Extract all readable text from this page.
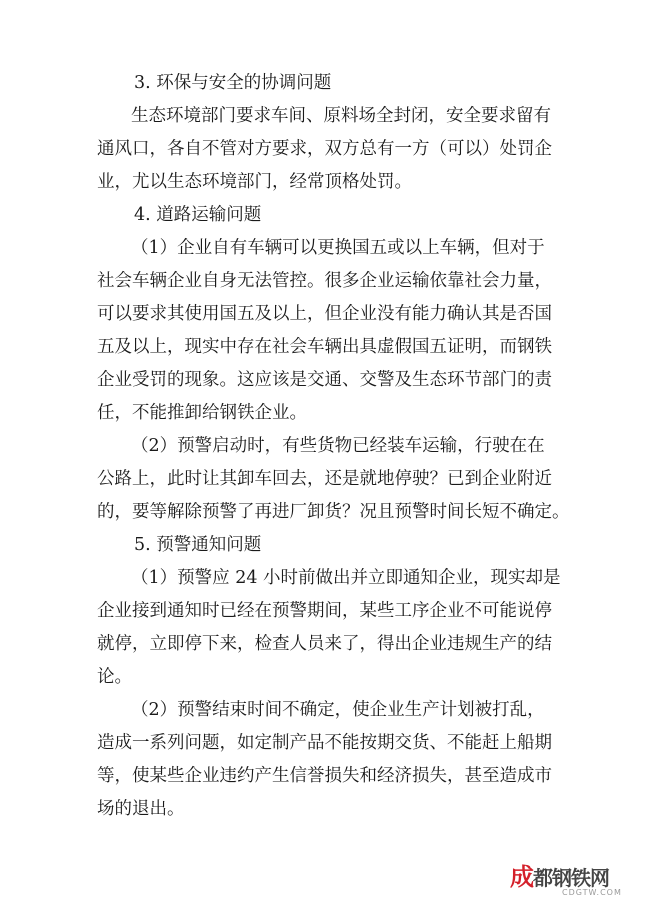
3. 环保与安全的协调问题
生态环境部门要求车间、原料场全封闭，安全要求留有
通风口，各自不管对方要求，双方总有一方（可以）处罚企
业，尤以生态环境部门，经常顶格处罚。
4. 道路运输问题
（1）企业自有车辆可以更换国五或以上车辆，但对于
社会车辆企业自身无法管控。很多企业运输依靠社会力量，
可以要求其使用国五及以上，但企业没有能力确认其是否国
五及以上，现实中存在社会车辆出具虚假国五证明，而钢铁
企业受罚的现象。这应该是交通、交警及生态环节部门的责
任，不能推卸给钢铁企业。
（2）预警启动时，有些货物已经装车运输，行驶在在
公路上，此时让其卸车回去，还是就地停驶？已到企业附近
的，要等解除预警了再进厂卸货？况且预警时间长短不确定。
5. 预警通知问题
（1）预警应 24 小时前做出并立即通知企业，现实却是
企业接到通知时已经在预警期间，某些工序企业不可能说停
就停，立即停下来，检查人员来了，得出企业违规生产的结
论。
（2）预警结束时间不确定，使企业生产计划被打乱，
造成一系列问题，如定制产品不能按期交货、不能赶上船期
等，使某些企业违约产生信誉损失和经济损失，甚至造成市
场的退出。
成都钢铁网
CDGTW.COM
